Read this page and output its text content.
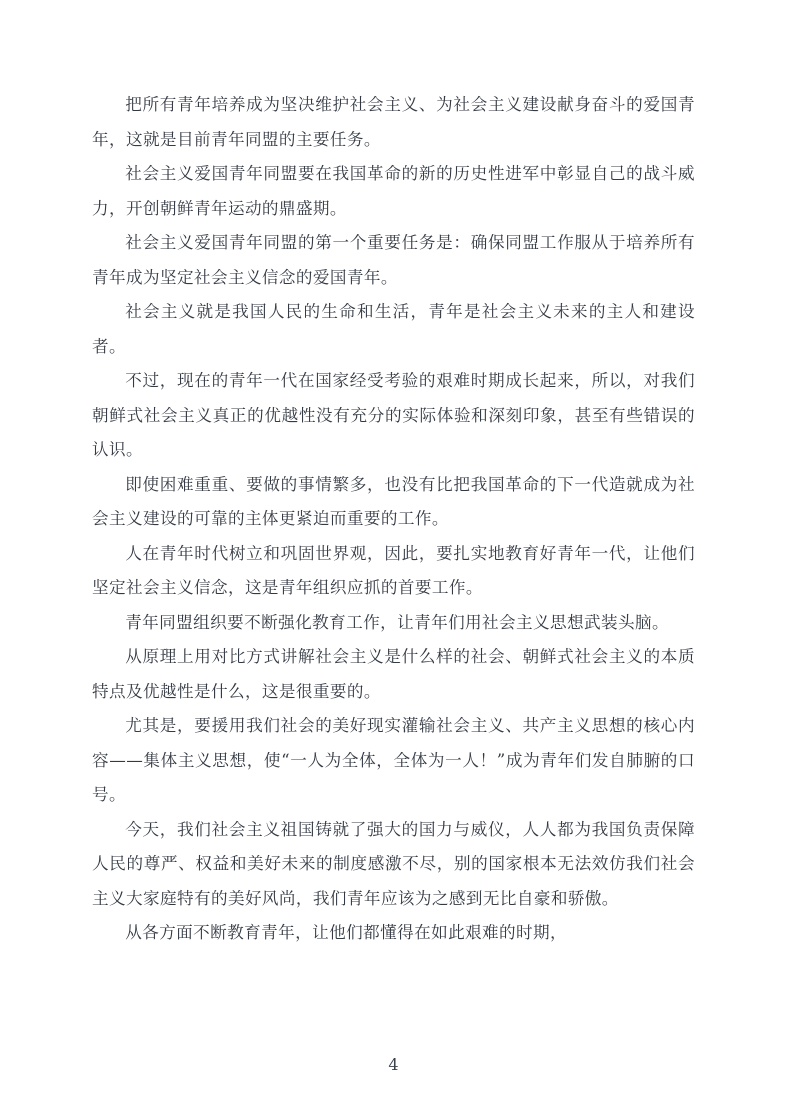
把所有青年培养成为坚决维护社会主义、为社会主义建设献身奋斗的爱国青年，这就是目前青年同盟的主要任务。

社会主义爱国青年同盟要在我国革命的新的历史性进军中彰显自己的战斗威力，开创朝鲜青年运动的鼎盛期。

社会主义爱国青年同盟的第一个重要任务是：确保同盟工作服从于培养所有青年成为坚定社会主义信念的爱国青年。

社会主义就是我国人民的生命和生活，青年是社会主义未来的主人和建设者。

不过，现在的青年一代在国家经受考验的艰难时期成长起来，所以，对我们朝鲜式社会主义真正的优越性没有充分的实际体验和深刻印象，甚至有些错误的认识。

即使困难重重、要做的事情繁多，也没有比把我国革命的下一代造就成为社会主义建设的可靠的主体更紧迫而重要的工作。

人在青年时代树立和巩固世界观，因此，要扎实地教育好青年一代，让他们坚定社会主义信念，这是青年组织应抓的首要工作。

青年同盟组织要不断强化教育工作，让青年们用社会主义思想武装头脑。

从原理上用对比方式讲解社会主义是什么样的社会、朝鲜式社会主义的本质特点及优越性是什么，这是很重要的。

尤其是，要援用我们社会的美好现实灌输社会主义、共产主义思想的核心内容——集体主义思想，使“一人为全体，全体为一人！”成为青年们发自肺腑的口号。

今天，我们社会主义祖国铸就了强大的国力与威仪，人人都为我国负责保障人民的尊严、权益和美好未来的制度感激不尽，别的国家根本无法效仿我们社会主义大家庭特有的美好风尚，我们青年应该为之感到无比自豪和骄傲。

从各方面不断教育青年，让他们都懂得在如此艰难的时期，

4
